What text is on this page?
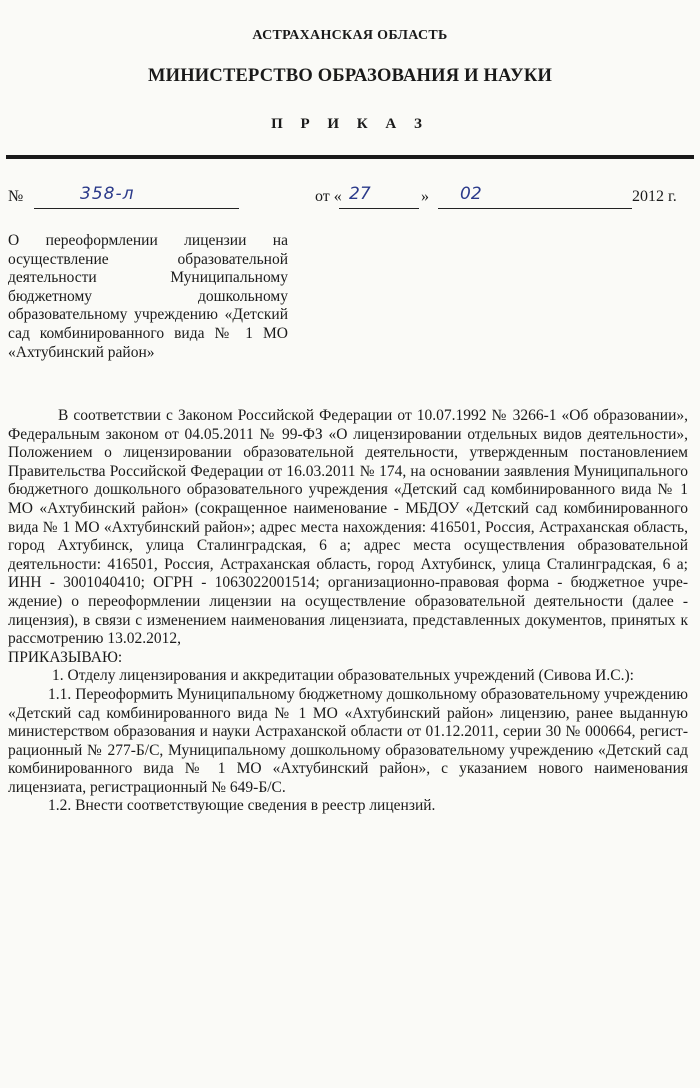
АСТРАХАНСКАЯ ОБЛАСТЬ
МИНИСТЕРСТВО ОБРАЗОВАНИЯ И НАУКИ
П Р И К А З
№	358-л	от « 27	» 02	2012 г.
О переоформлении лицензии на осуществление образовательной деятельности Муниципальному бюджетному дошкольному образовательному учреждению «Детский сад комбинированного вида № 1 МО «Ахтубинский район»

В соответствии с Законом Российской Федерации от 10.07.1992 № 3266-1 «Об образовании», Федеральным законом от 04.05.2011 № 99-ФЗ «О лицензировании отдельных видов деятельности», Положением о лицензировании образовательной деятельности, утвержденным постановлением Правительства Российской Федерации от 16.03.2011 № 174, на основании заявления Муниципального бюджетного дошкольного образовательного учреждения «Детский сад комбинированного вида № 1 МО «Ахтубинский район» (сокращенное наименование - МБДОУ «Детский сад комбинированного вида № 1 МО «Ахтубинский район»; адрес места нахождения: 416501, Россия, Астраханская область, город Ахтубинск, улица Сталинградская, 6 а; адрес места осуществления образовательной деятельности: 416501, Россия, Астраханская область, город Ахтубинск, улица Сталинградская, 6 а; ИНН - 3001040410; ОГРН - 1063022001514; организационно-правовая форма - бюджетное учреждение) о переоформлении лицензии на осуществление образовательной деятельности (далее - лицензия), в связи с изменением наименования лицензиата, представленных документов, принятых к рассмотрению 13.02.2012,

ПРИКАЗЫВАЮ:

1. Отделу лицензирования и аккредитации образовательных учреждений (Сивова И.С.):

1.1. Переоформить Муниципальному бюджетному дошкольному образовательному учреждению «Детский сад комбинированного вида № 1 МО «Ахтубинский район» лицензию, ранее выданную министерством образования и науки Астраханской области от 01.12.2011, серии 30 № 000664, регистрационный № 277-Б/С, Муниципальному дошкольному образовательному учреждению «Детский сад комбинированного вида № 1 МО «Ахтубинский район», с указанием нового наименования лицензиата, регистрационный № 649-Б/С.

1.2. Внести соответствующие сведения в реестр лицензий.
